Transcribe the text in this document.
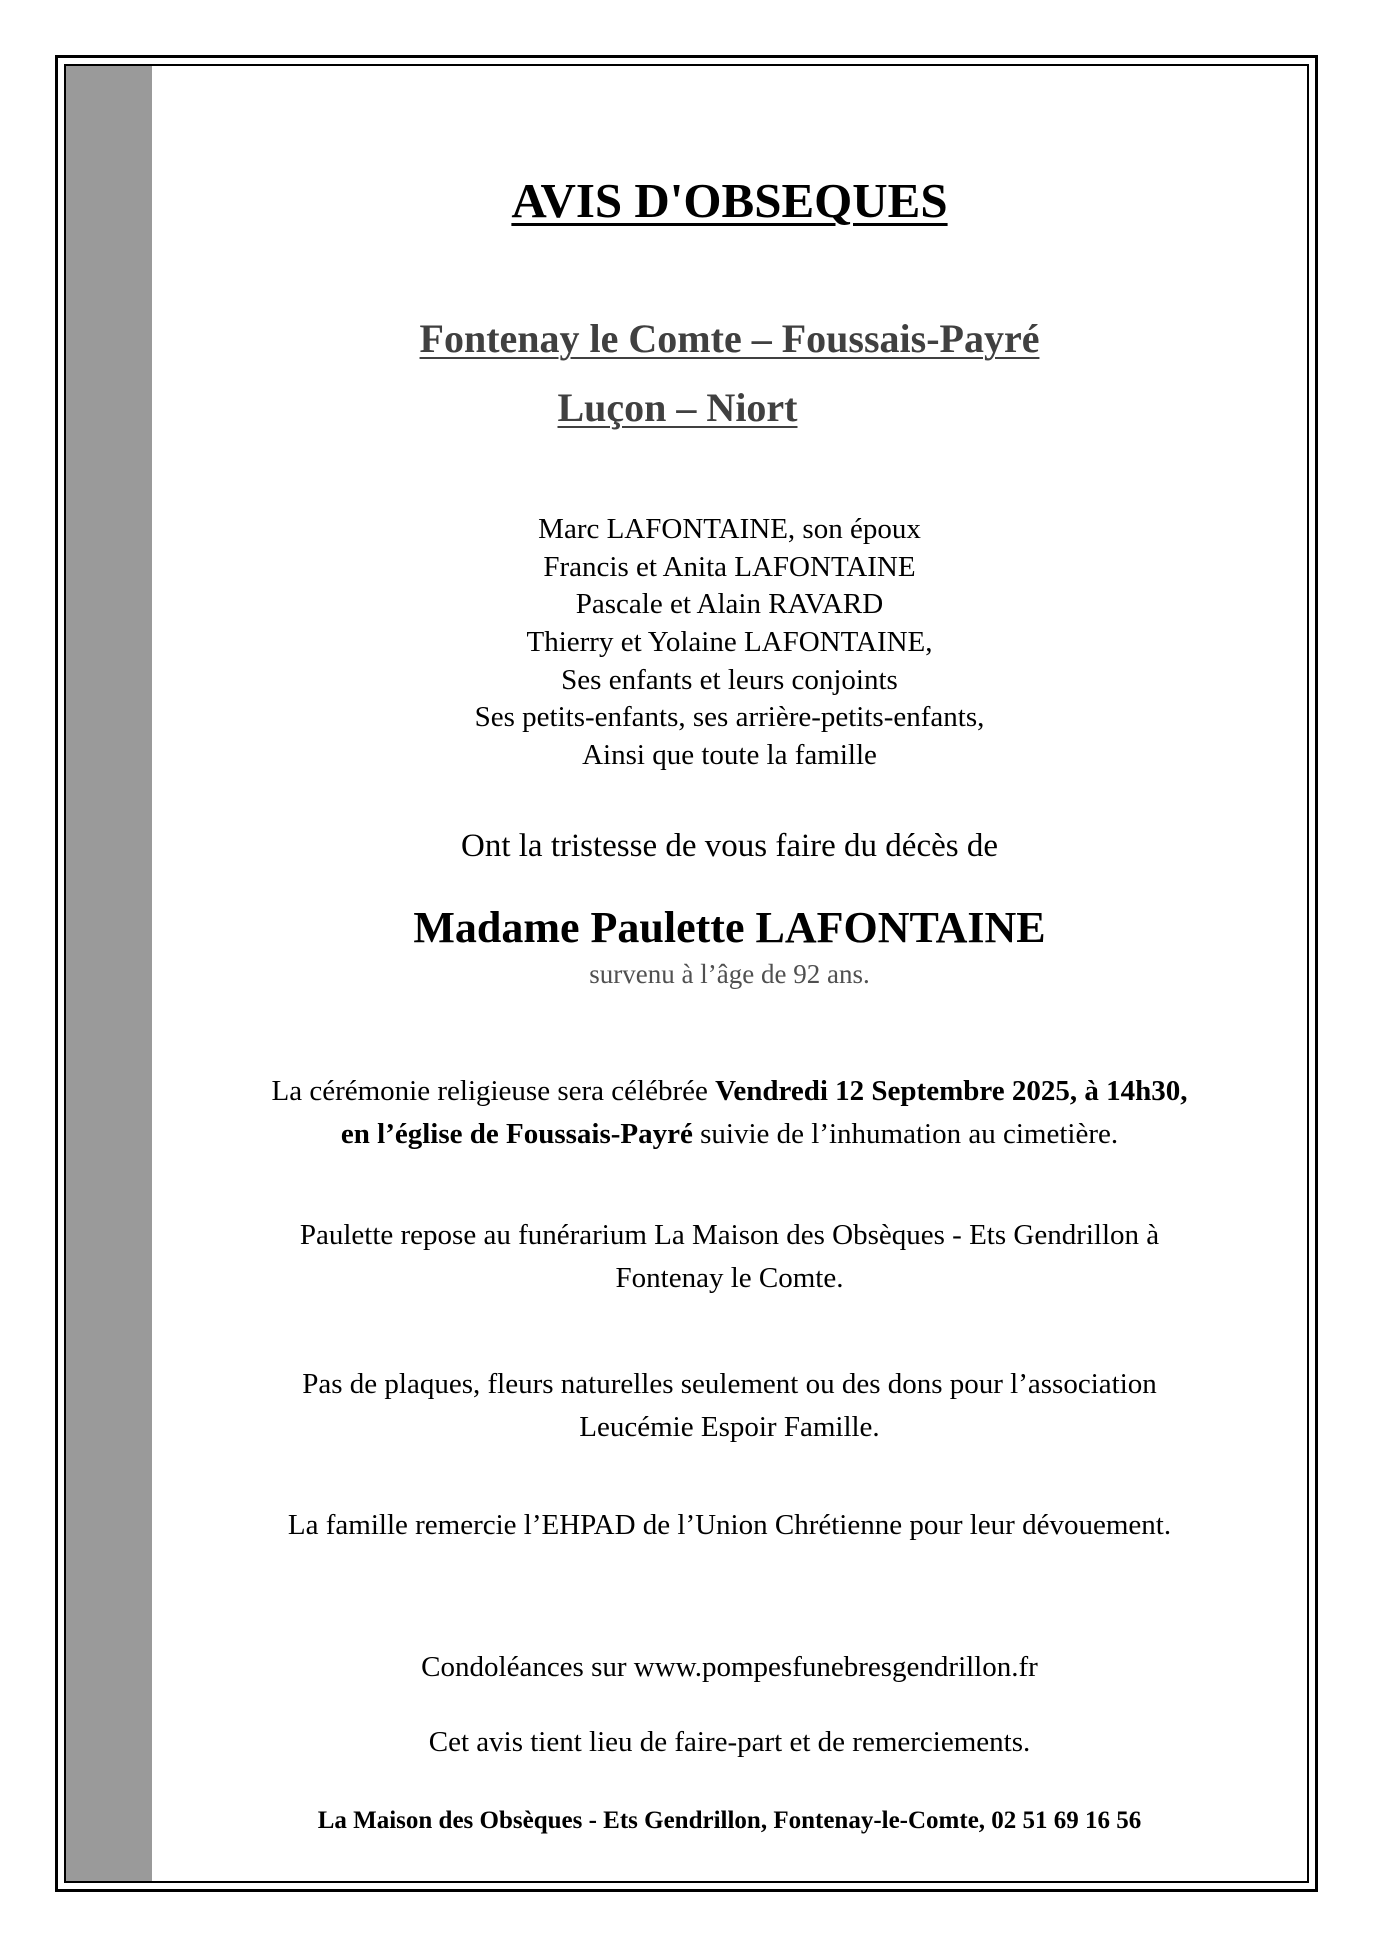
AVIS D'OBSEQUES
Fontenay le Comte – Foussais-Payré
Luçon – Niort
Marc LAFONTAINE, son époux
Francis et Anita LAFONTAINE
Pascale et Alain RAVARD
Thierry et Yolaine LAFONTAINE,
Ses enfants et leurs conjoints
Ses petits-enfants, ses arrière-petits-enfants,
Ainsi que toute la famille
Ont la tristesse de vous faire du décès de
Madame Paulette LAFONTAINE
survenu à l’âge de 92 ans.
La cérémonie religieuse sera célébrée Vendredi 12 Septembre 2025, à 14h30,
en l’église de Foussais-Payré suivie de l’inhumation au cimetière.
Paulette repose au funérarium La Maison des Obsèques - Ets Gendrillon à
Fontenay le Comte.
Pas de plaques, fleurs naturelles seulement ou des dons pour l’association
Leucémie Espoir Famille.
La famille remercie l’EHPAD de l’Union Chrétienne pour leur dévouement.
Condoléances sur www.pompesfunebresgendrillon.fr
Cet avis tient lieu de faire-part et de remerciements.
La Maison des Obsèques - Ets Gendrillon, Fontenay-le-Comte, 02 51 69 16 56
